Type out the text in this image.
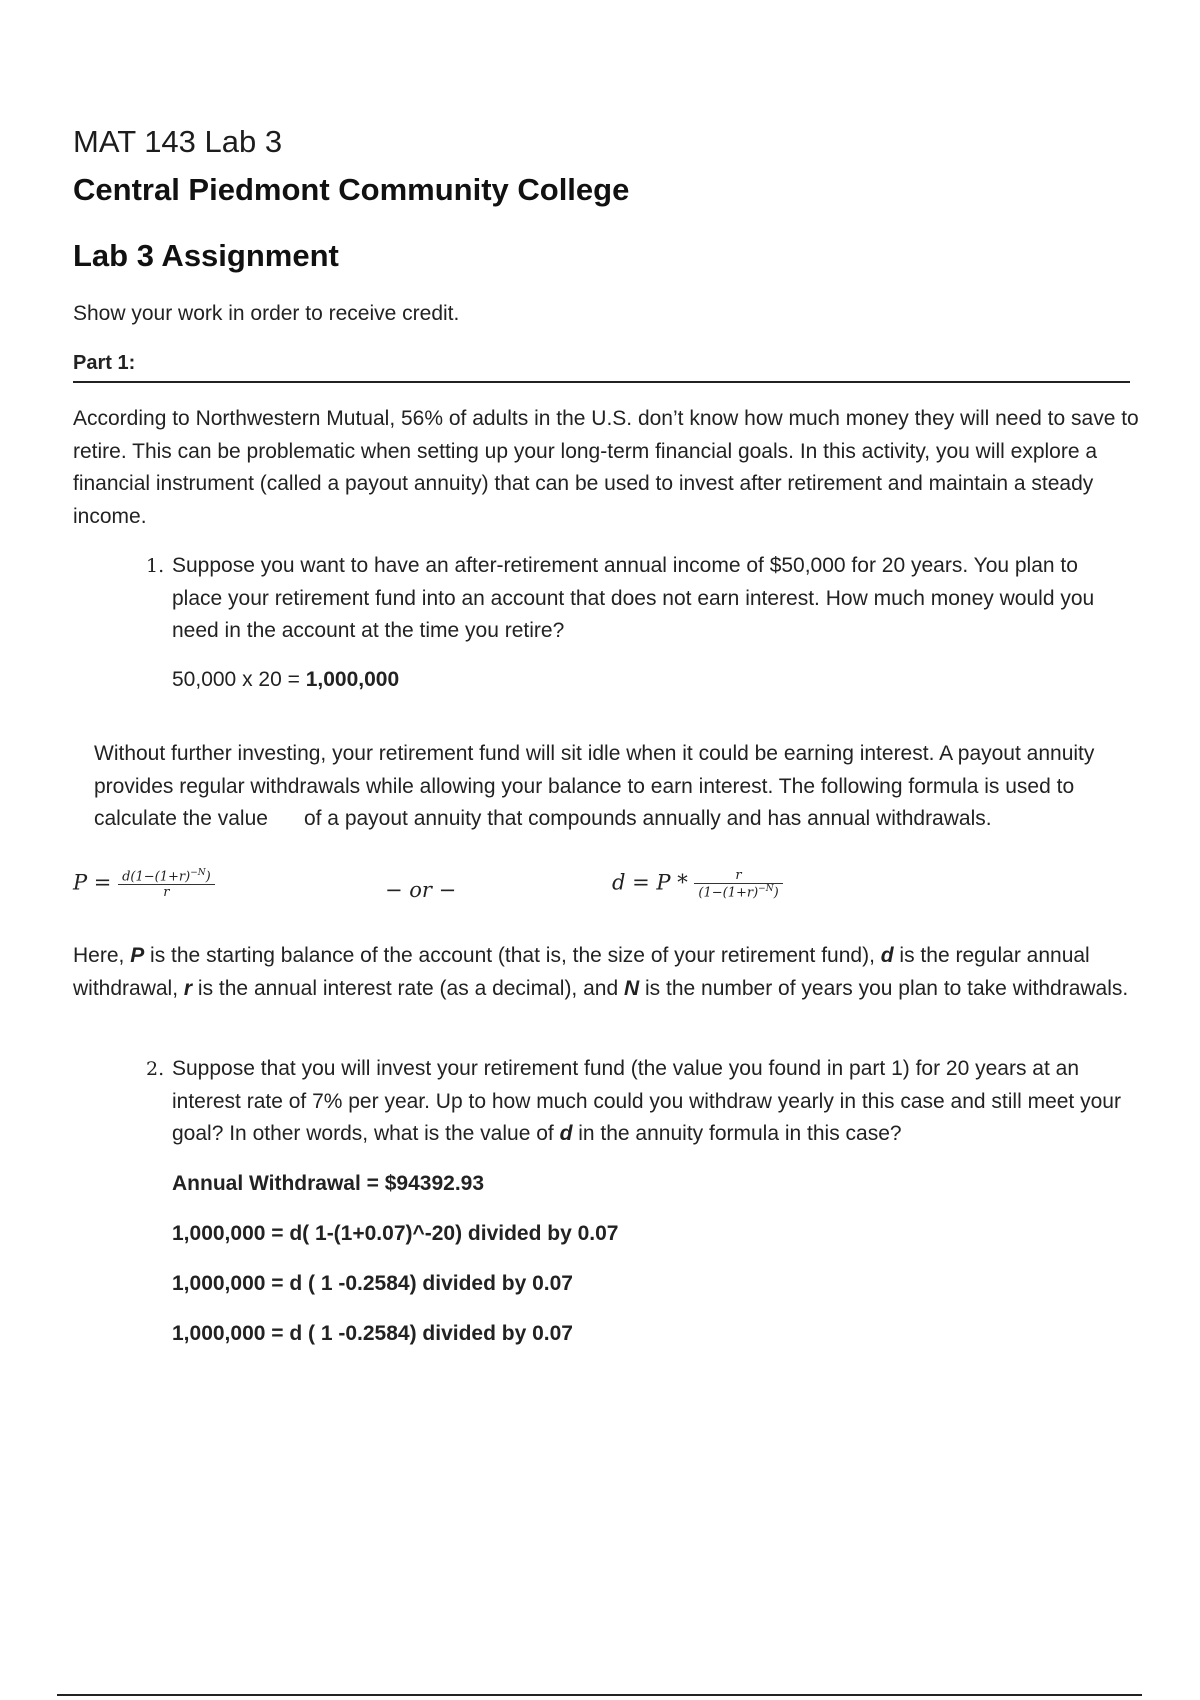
MAT 143 Lab 3
Central Piedmont Community College
Lab 3 Assignment
Show your work in order to receive credit.
Part 1:
According to Northwestern Mutual, 56% of adults in the U.S. don’t know how much money they will need to save to retire. This can be problematic when setting up your long-term financial goals. In this activity, you will explore a financial instrument (called a payout annuity) that can be used to invest after retirement and maintain a steady income.
1. Suppose you want to have an after-retirement annual income of $50,000 for 20 years. You plan to place your retirement fund into an account that does not earn interest. How much money would you need in the account at the time you retire?
50,000 x 20 = 1,000,000
Without further investing, your retirement fund will sit idle when it could be earning interest. A payout annuity provides regular withdrawals while allowing your balance to earn interest. The following formula is used to calculate the value of a payout annuity that compounds annually and has annual withdrawals.
$P = \frac{d(1-(1+r)^{-N})}{r}$	− or −	$d = P * \frac{r}{(1-(1+r)^{-N})}$
Here, P is the starting balance of the account (that is, the size of your retirement fund), d is the regular annual withdrawal, r is the annual interest rate (as a decimal), and N is the number of years you plan to take withdrawals.
2. Suppose that you will invest your retirement fund (the value you found in part 1) for 20 years at an interest rate of 7% per year. Up to how much could you withdraw yearly in this case and still meet your goal? In other words, what is the value of d in the annuity formula in this case?
Annual Withdrawal = $94392.93
1,000,000 = d( 1-(1+0.07)^-20) divided by 0.07
1,000,000 = d ( 1 -0.2584) divided by 0.07
1,000,000 = d ( 1 -0.2584) divided by 0.07
